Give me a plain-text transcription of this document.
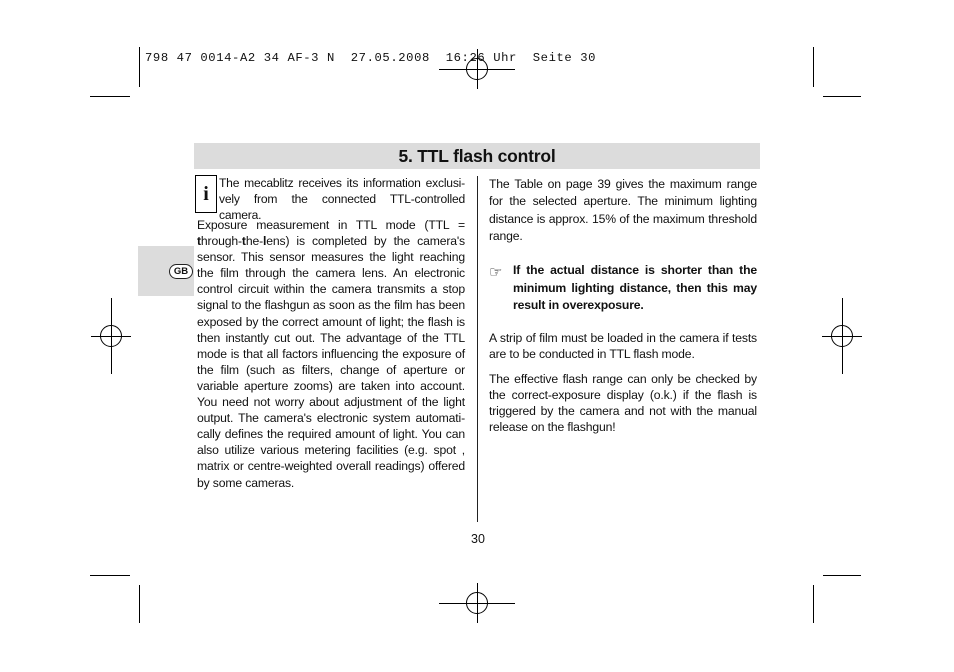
798 47 0014-A2 34 AF-3 N  27.05.2008  16:26 Uhr  Seite 30
5. TTL flash control
GB
i The mecablitz receives its information exclusi-vely from the connected TTL-controlled camera.

Exposure measurement in TTL mode (TTL = through-the-lens) is completed by the camera's sensor. This sensor measures the light reaching the film through the camera lens. An electronic control circuit within the camera transmits a stop signal to the flashgun as soon as the film has been exposed by the correct amount of light; the flash is then instantly cut out. The advantage of the TTL mode is that all factors influencing the exposure of the film (such as filters, change of aperture or variable aperture zooms) are taken into account. You need not worry about adjustment of the light output. The camera's electronic system automati-cally defines the required amount of light. You can also utilize various metering facilities (e.g. spot , matrix or centre-weighted overall readings) offered by some cameras.

The Table on page 39 gives the maximum range for the selected aperture. The minimum lighting distance is approx. 15% of the maximum threshold range.
☞ If the actual distance is shorter than the minimum lighting distance, then this may result in overexposure.
A strip of film must be loaded in the camera if tests are to be conducted in TTL flash mode.
The effective flash range can only be checked by the correct-exposure display (o.k.) if the flash is triggered by the camera and not with the manual release on the flashgun!
30
